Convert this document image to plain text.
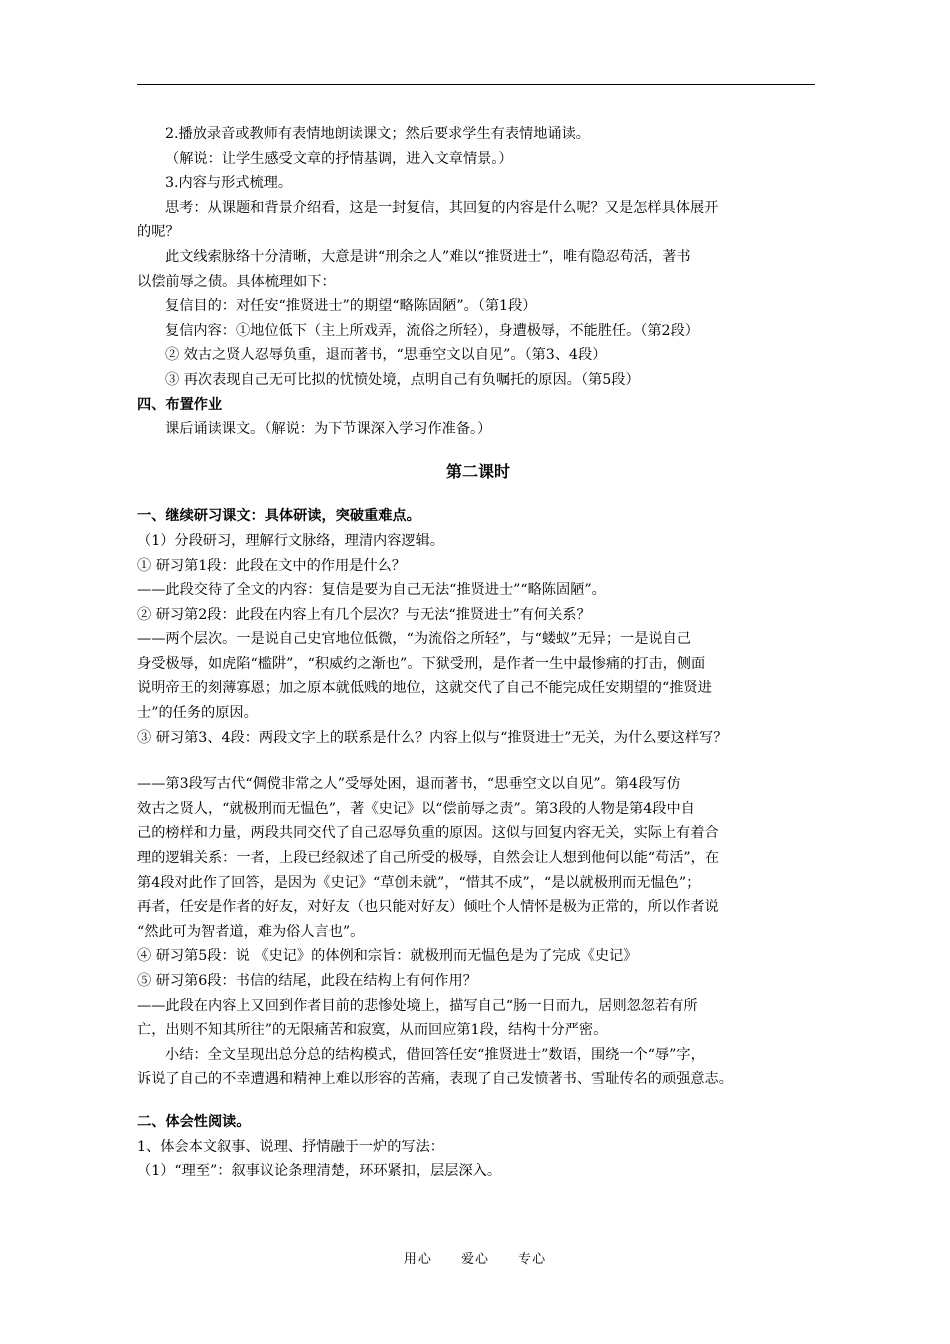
2.播放录音或教师有表情地朗读课文；然后要求学生有表情地诵读。

（解说：让学生感受文章的抒情基调，进入文章情景。）

3.内容与形式梳理。

思考：从课题和背景介绍看，这是一封复信，其回复的内容是什么呢？又是怎样具体展开

的呢？

此文线索脉络十分清晰，大意是讲“刑余之人”难以“推贤进士”，唯有隐忍苟活，著书

以偿前辱之债。具体梳理如下：

复信目的：对任安“推贤进士”的期望“略陈固陋”。（第1段）

复信内容：①地位低下（主上所戏弄，流俗之所轻），身遭极辱，不能胜任。（第2段）

② 效古之贤人忍辱负重，退而著书，“思垂空文以自见”。（第3、4段）

③ 再次表现自己无可比拟的忧愤处境，点明自己有负嘱托的原因。（第5段）

四、布置作业

课后诵读课文。（解说：为下节课深入学习作准备。）

第二课时

一、继续研习课文：具体研读，突破重难点。

（1）分段研习，理解行文脉络，理清内容逻辑。

① 研习第1段：此段在文中的作用是什么？

——此段交待了全文的内容：复信是要为自己无法“推贤进士”“略陈固陋”。

② 研习第2段：此段在内容上有几个层次？与无法“推贤进士”有何关系？

——两个层次。一是说自己史官地位低微，“为流俗之所轻”，与“蝼蚁”无异；一是说自己

身受极辱，如虎陷“槛阱”，“积威约之渐也”。下狱受刑，是作者一生中最惨痛的打击，侧面

说明帝王的刻薄寡恩；加之原本就低贱的地位，这就交代了自己不能完成任安期望的“推贤进

士”的任务的原因。

③ 研习第3、4段：两段文字上的联系是什么？内容上似与“推贤进士”无关，为什么要这样写？

——第3段写古代“倜傥非常之人”受辱处困，退而著书，“思垂空文以自见”。第4段写仿

效古之贤人，“就极刑而无愠色”，著《史记》以“偿前辱之责”。第3段的人物是第4段中自

己的榜样和力量，两段共同交代了自己忍辱负重的原因。这似与回复内容无关，实际上有着合

理的逻辑关系：一者，上段已经叙述了自己所受的极辱，自然会让人想到他何以能“苟活”，在

第4段对此作了回答，是因为《史记》“草创未就”，“惜其不成”，“是以就极刑而无愠色”；

再者，任安是作者的好友，对好友（也只能对好友）倾吐个人情怀是极为正常的，所以作者说

“然此可为智者道，难为俗人言也”。

④ 研习第5段：说 《史记》的体例和宗旨：就极刑而无愠色是为了完成《史记》

⑤ 研习第6段：书信的结尾，此段在结构上有何作用？

——此段在内容上又回到作者目前的悲惨处境上，描写自己“肠一日而九，居则忽忽若有所

亡，出则不知其所往”的无限痛苦和寂寞，从而回应第1段，结构十分严密。

小结：全文呈现出总分总的结构模式，借回答任安“推贤进士”数语，围绕一个“辱”字，

诉说了自己的不幸遭遇和精神上难以形容的苦痛，表现了自己发愤著书、雪耻传名的顽强意志。

二、体会性阅读。

1、体会本文叙事、说理、抒情融于一炉的写法：

（1）“理至”：叙事议论条理清楚，环环紧扣，层层深入。

用心 爱心 专心
